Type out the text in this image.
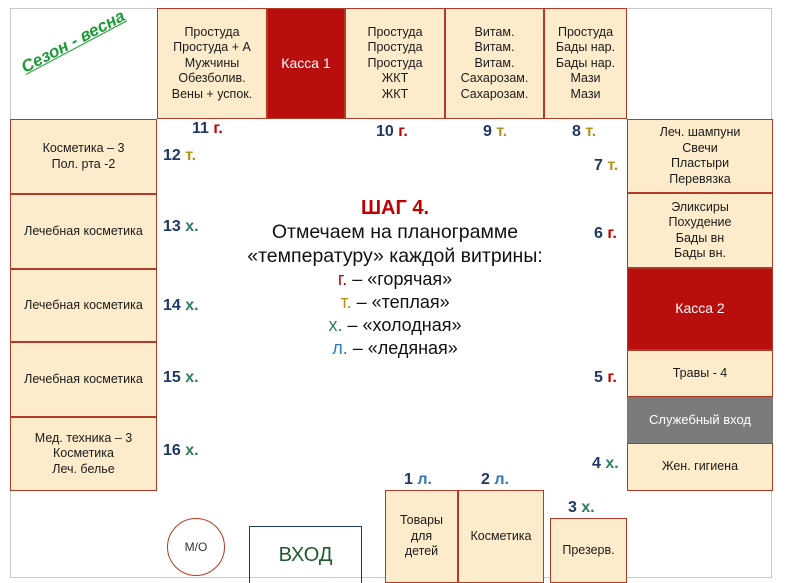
Сезон - весна	Простуда
Простуда + А
Мужчины
Обезболив.
Вены + успок.
Касса 1
Простуда
Простуда
Простуда
ЖКТ
ЖКТ
Витам.
Витам.
Витам.
Сахарозам.
Сахарозам.
Простуда
Бады нар.
Бады нар.
Мази
Мази
Косметика – 3
Пол. рта -2
Лечебная косметика
Лечебная косметика
Лечебная косметика
Мед. техника – 3
Косметика
Леч. белье
Леч. шампуни
Свечи
Пластыри
Перевязка
Эликсиры
Похудение
Бады вн
Бады вн.
Касса 2
Травы - 4
Служебный вход
Жен. гигиена
Товары
для
детей
Косметика
Презерв.
М/О	ВХОД
11 г.	10 г.	9 т.	8 т.
7 т.
6 г.
5 г.
4 х.
3 х.
2 л.
1 л.
12 т.
13 х.
14 х.
15 х.
16 х.
ШАГ 4.
Отмечаем на планограмме
«температуру» каждой витрины:
г. – «горячая»
т. – «теплая»
х. – «холодная»
л. – «ледяная»
